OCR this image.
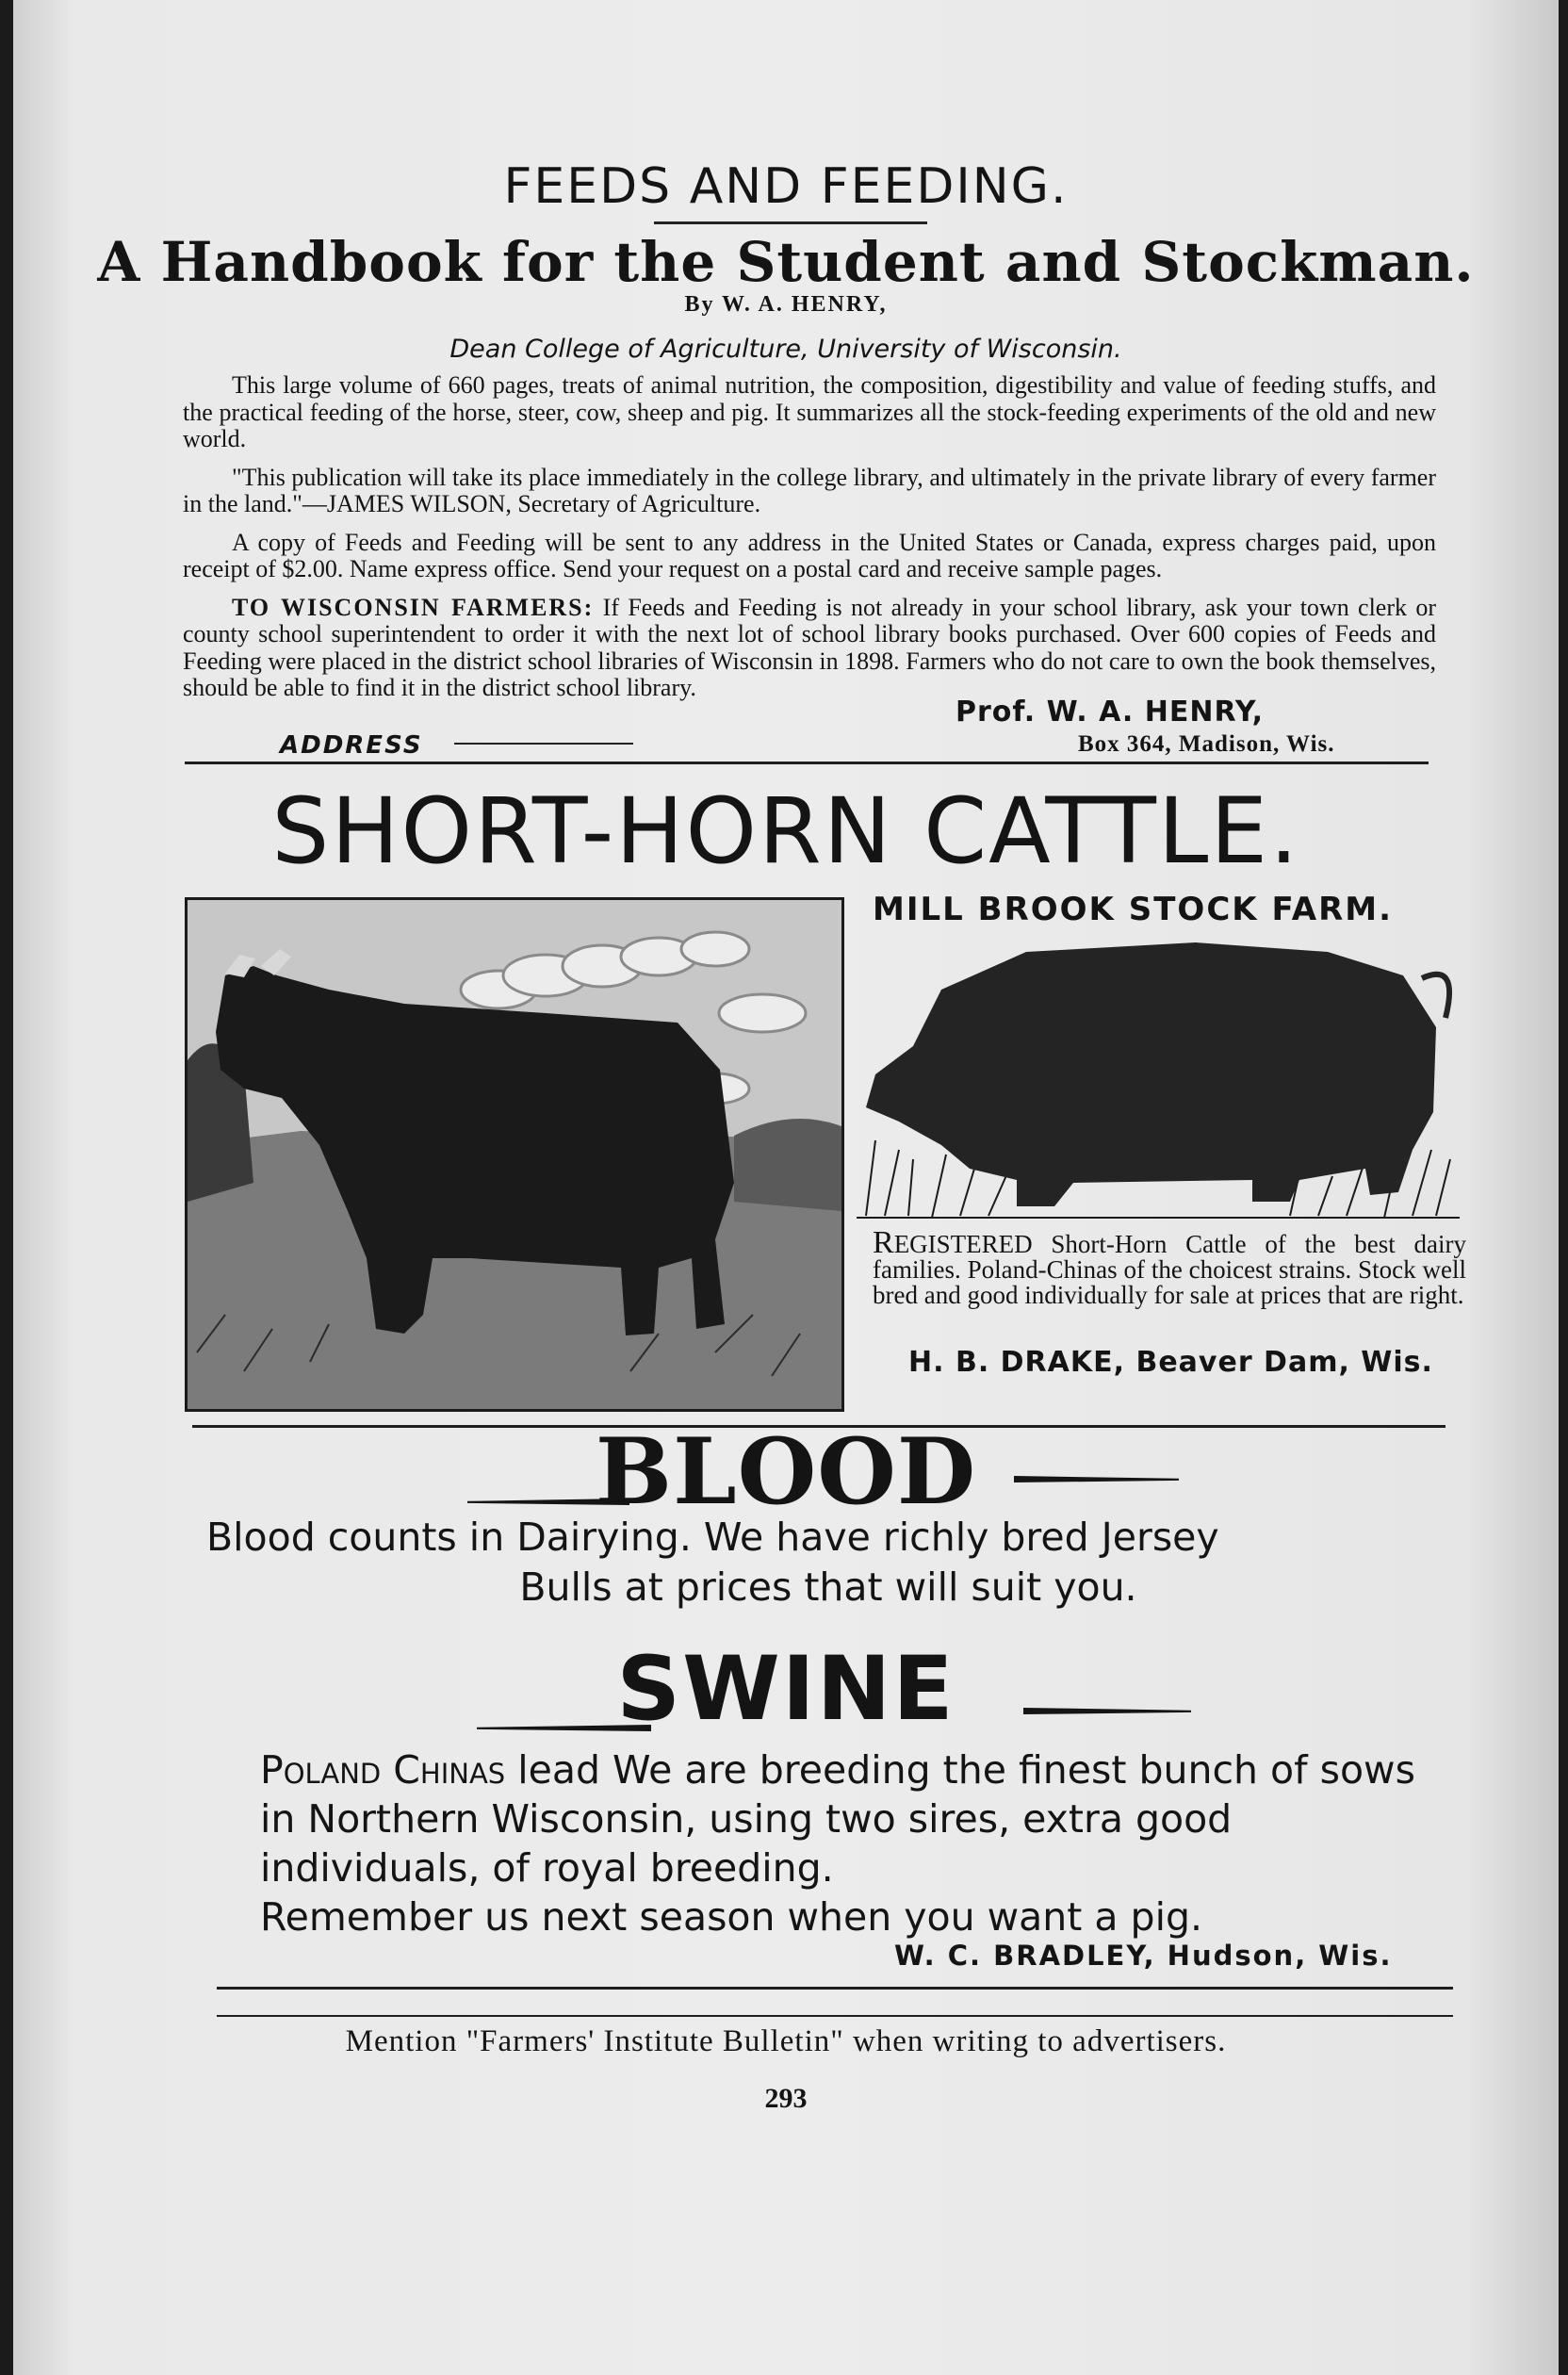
FEEDS AND FEEDING.
A Handbook for the Student and Stockman.
By W. A. HENRY,
Dean College of Agriculture, University of Wisconsin.

This large volume of 660 pages, treats of animal nutrition, the composition, digestibility and value of feeding stuffs, and the practical feeding of the horse, steer, cow, sheep and pig. It summarizes all the stock-feeding experiments of the old and new world.

"This publication will take its place immediately in the college library, and ultimately in the private library of every farmer in the land."—JAMES WILSON, Secretary of Agriculture.

A copy of Feeds and Feeding will be sent to any address in the United States or Canada, express charges paid, upon receipt of $2.00. Name express office. Send your request on a postal card and receive sample pages.

TO WISCONSIN FARMERS: If Feeds and Feeding is not already in your school library, ask your town clerk or county school superintendent to order it with the next lot of school library books purchased. Over 600 copies of Feeds and Feeding were placed in the district school libraries of Wisconsin in 1898. Farmers who do not care to own the book themselves, should be able to find it in the district school library.

ADDRESS
Prof. W. A. HENRY,
Box 364, Madison, Wis.
SHORT-HORN CATTLE.
MILL BROOK STOCK FARM.
REGISTERED Short-Horn Cattle of the best dairy families. Poland-Chinas of the choicest strains. Stock well bred and good individually for sale at prices that are right.
H. B. DRAKE, Beaver Dam, Wis.
BLOOD
Blood counts in Dairying. We have richly bred Jersey
Bulls at prices that will suit you.
SWINE
Poland Chinas lead We are breeding the finest bunch of sows in Northern Wisconsin, using two sires, extra good individuals, of royal breeding.
Remember us next season when you want a pig.
W. C. BRADLEY, Hudson, Wis.
Mention "Farmers' Institute Bulletin" when writing to advertisers.
293
